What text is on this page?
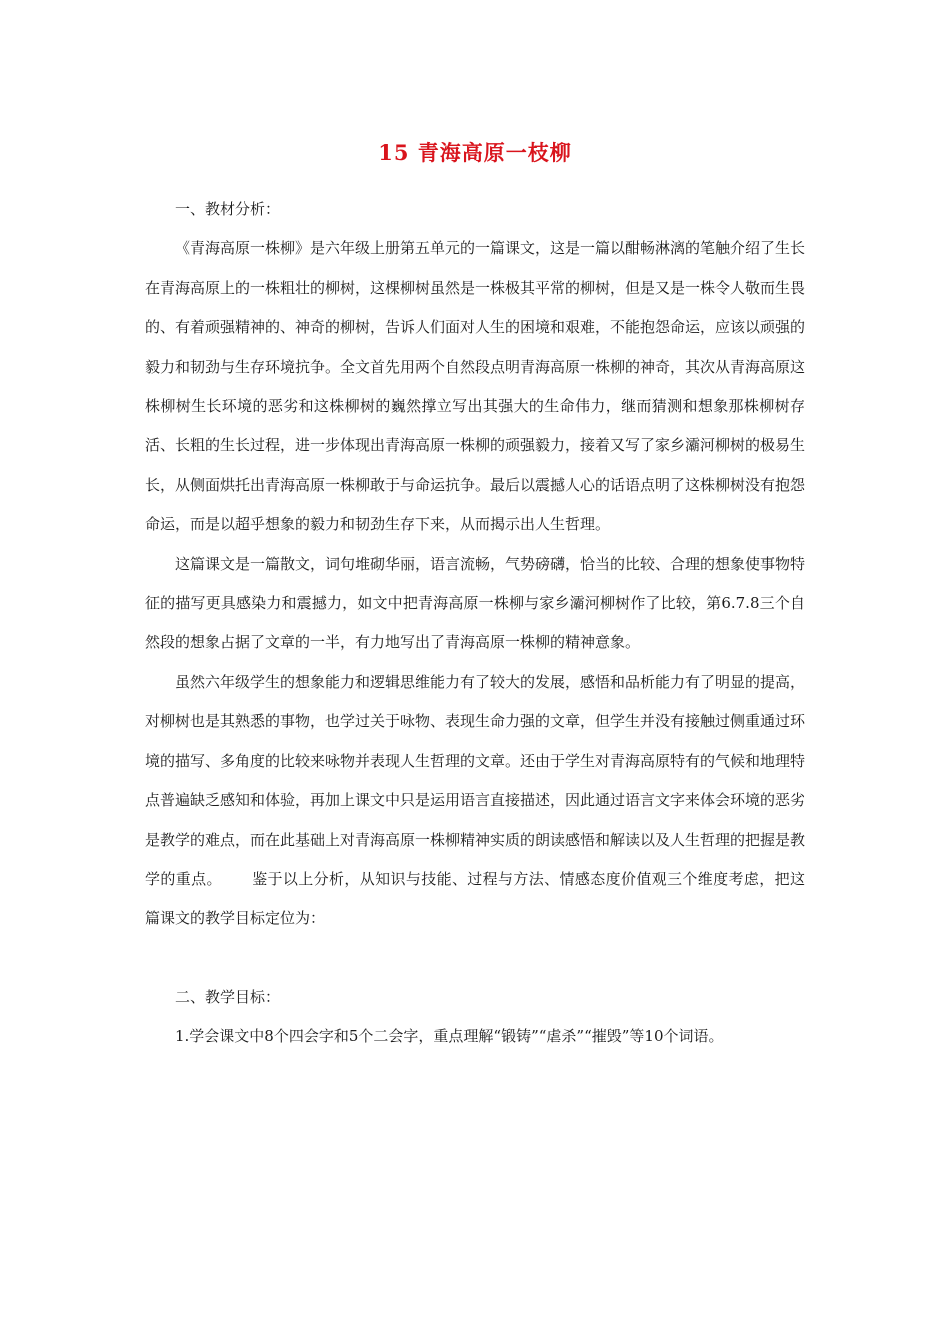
15 青海高原一枝柳

一、教材分析：

《青海高原一株柳》是六年级上册第五单元的一篇课文，这是一篇以酣畅淋漓的笔触介绍了生长在青海高原上的一株粗壮的柳树，这棵柳树虽然是一株极其平常的柳树，但是又是一株令人敬而生畏的、有着顽强精神的、神奇的柳树，告诉人们面对人生的困境和艰难，不能抱怨命运，应该以顽强的毅力和韧劲与生存环境抗争。全文首先用两个自然段点明青海高原一株柳的神奇，其次从青海高原这株柳树生长环境的恶劣和这株柳树的巍然撑立写出其强大的生命伟力，继而猜测和想象那株柳树存活、长粗的生长过程，进一步体现出青海高原一株柳的顽强毅力，接着又写了家乡灞河柳树的极易生长，从侧面烘托出青海高原一株柳敢于与命运抗争。最后以震撼人心的话语点明了这株柳树没有抱怨命运，而是以超乎想象的毅力和韧劲生存下来，从而揭示出人生哲理。

这篇课文是一篇散文，词句堆砌华丽，语言流畅，气势磅礴，恰当的比较、合理的想象使事物特征的描写更具感染力和震撼力，如文中把青海高原一株柳与家乡灞河柳树作了比较，第6.7.8三个自然段的想象占据了文章的一半，有力地写出了青海高原一株柳的精神意象。

虽然六年级学生的想象能力和逻辑思维能力有了较大的发展，感悟和品析能力有了明显的提高，对柳树也是其熟悉的事物，也学过关于咏物、表现生命力强的文章，但学生并没有接触过侧重通过环境的描写、多角度的比较来咏物并表现人生哲理的文章。还由于学生对青海高原特有的气候和地理特点普遍缺乏感知和体验，再加上课文中只是运用语言直接描述，因此通过语言文字来体会环境的恶劣是教学的难点，而在此基础上对青海高原一株柳精神实质的朗读感悟和解读以及人生哲理的把握是教学的重点。 鉴于以上分析，从知识与技能、过程与方法、情感态度价值观三个维度考虑，把这篇课文的教学目标定位为：

二、教学目标：

1.学会课文中8个四会字和5个二会字，重点理解“锻铸”“虐杀”“摧毁”等10个词语。
